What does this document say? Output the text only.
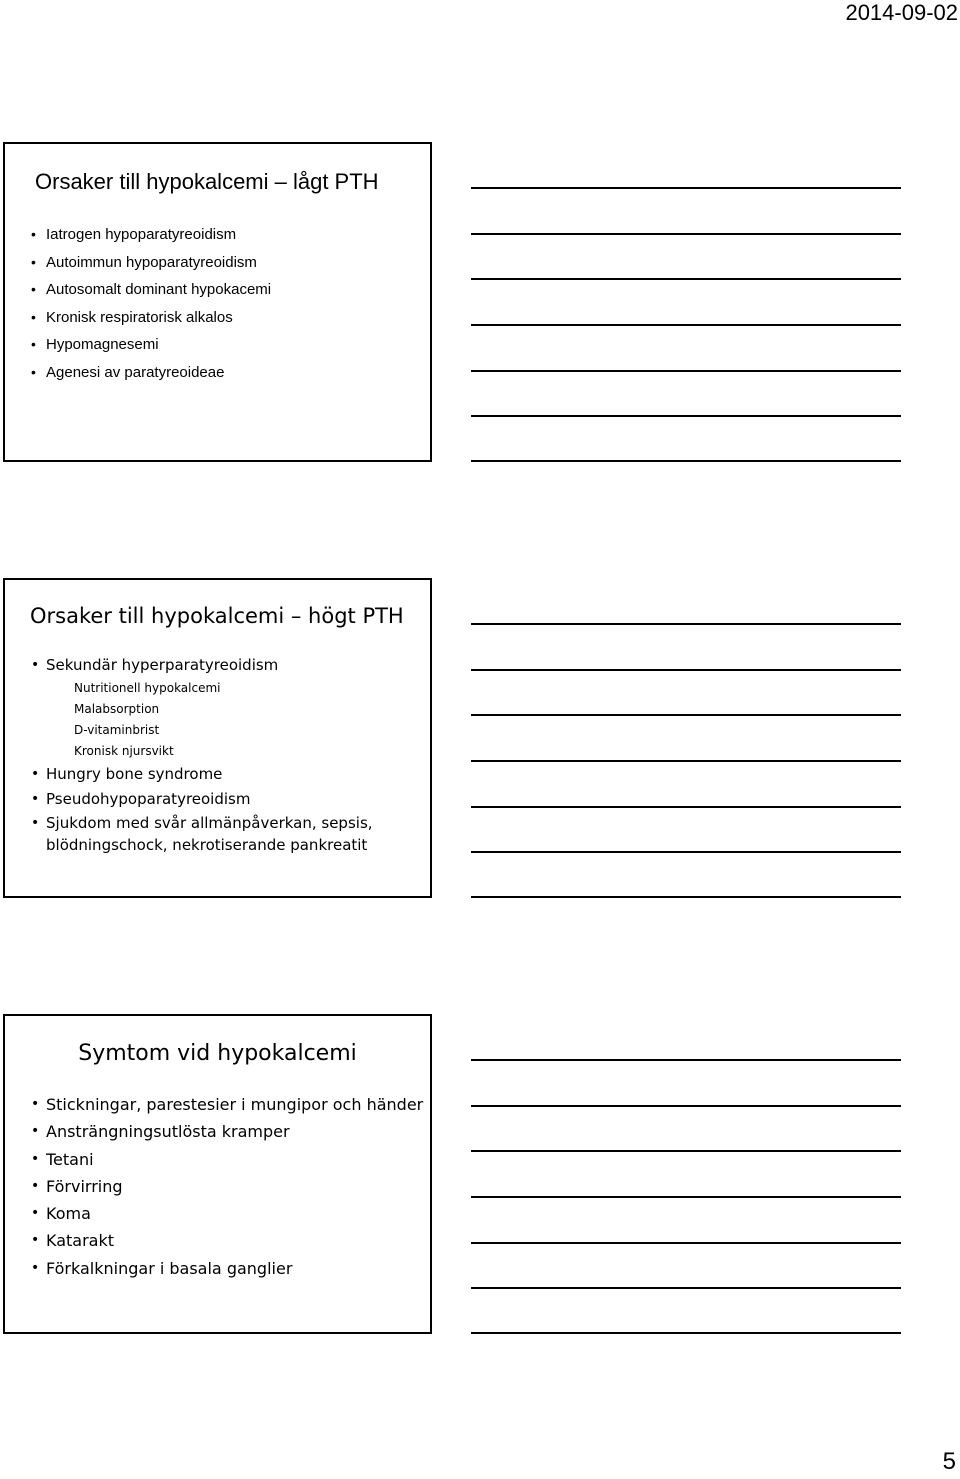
2014-09-02
Orsaker till hypokalcemi – lågt PTH
• Iatrogen hypoparatyreoidism
• Autoimmun hypoparatyreoidism
• Autosomalt dominant hypokacemi
• Kronisk respiratorisk alkalos
• Hypomagnesemi
• Agenesi av paratyreoideae
Orsaker till hypokalcemi – högt PTH
• Sekundär hyperparatyreoidism
Nutritionell hypokalcemi
Malabsorption
D-vitaminbrist
Kronisk njursvikt
• Hungry bone syndrome
• Pseudohypoparatyreoidism
• Sjukdom med svår allmänpåverkan, sepsis, blödningschock, nekrotiserande pankreatit
Symtom vid hypokalcemi
• Stickningar, parestesier i mungipor och händer
• Ansträngningsutlösta kramper
• Tetani
• Förvirring
• Koma
• Katarakt
• Förkalkningar i basala ganglier
5
